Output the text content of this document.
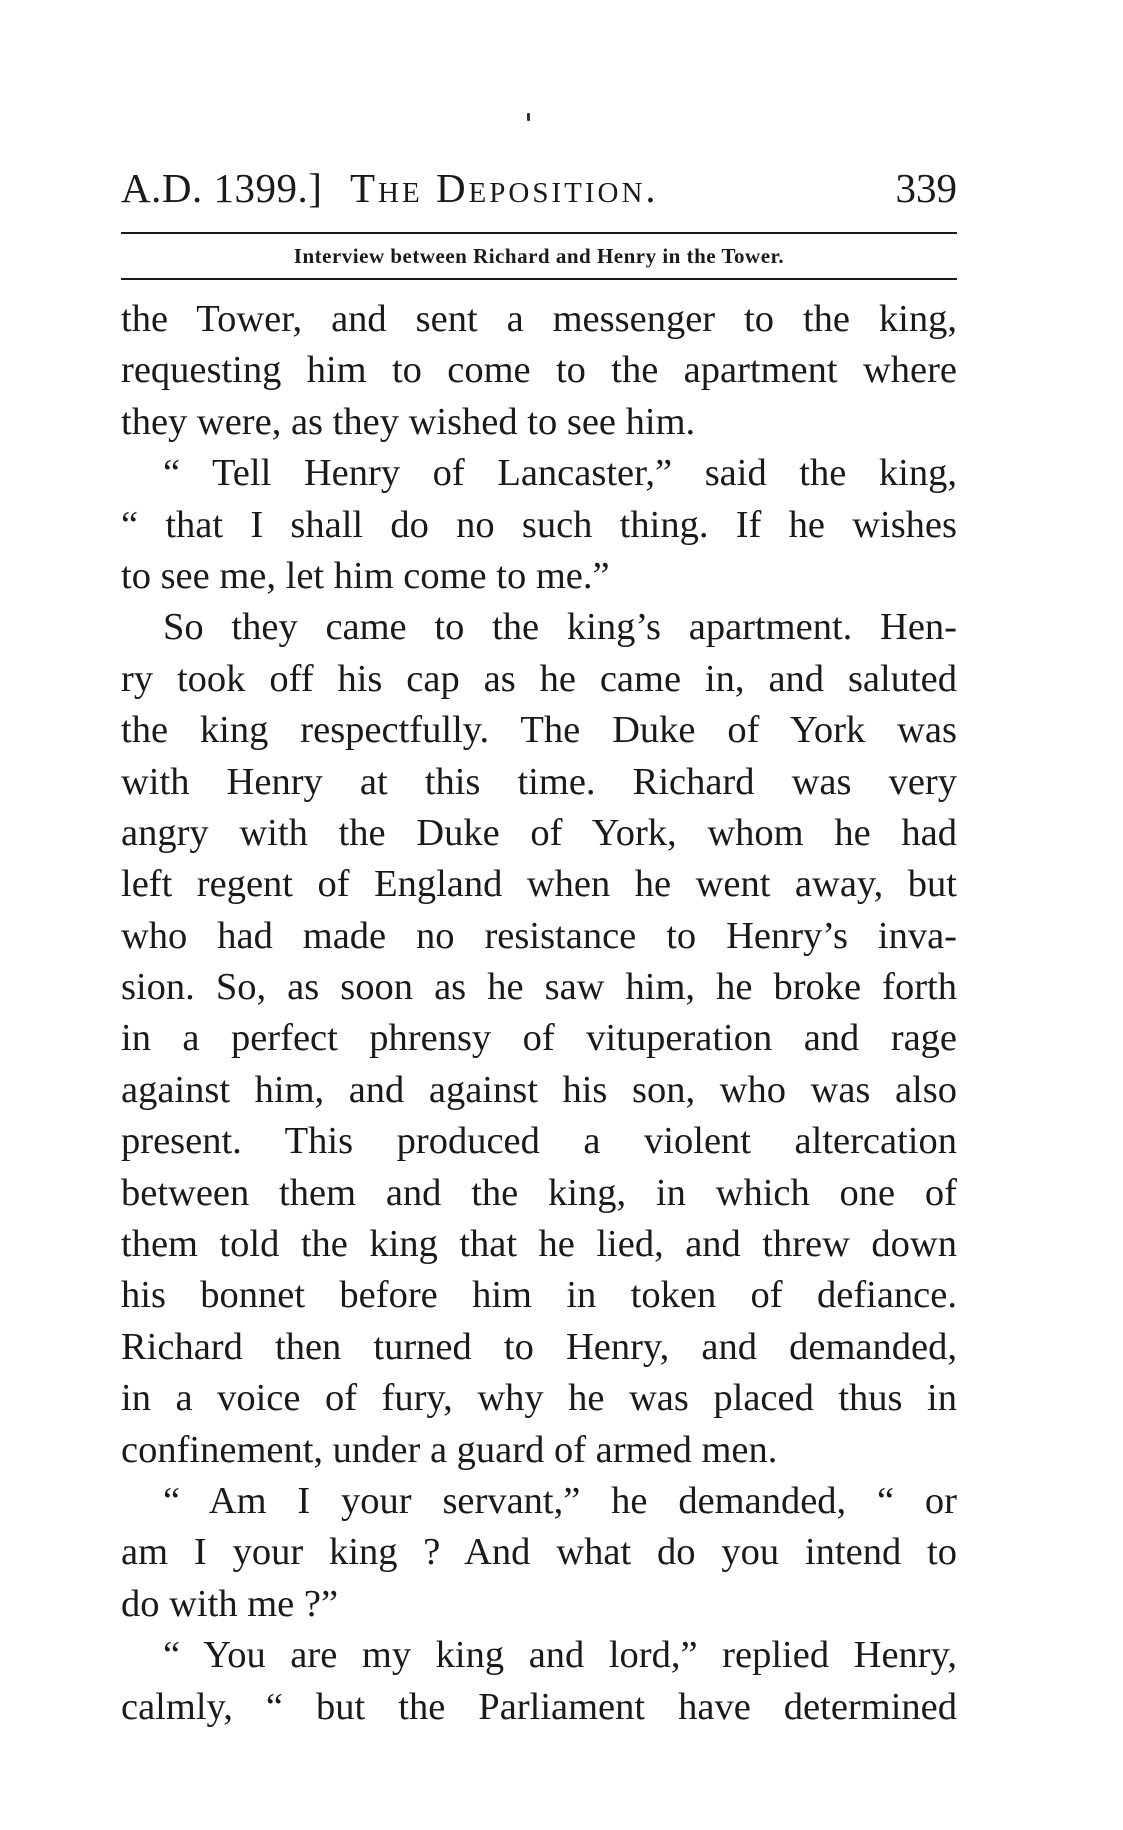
A.D. 1399.] The Deposition.	339
Interview between Richard and Henry in the Tower.
the Tower, and sent a messenger to the king,
requesting him to come to the apartment where
they were, as they wished to see him.
“ Tell Henry of Lancaster,” said the king,
“ that I shall do no such thing. If he wishes
to see me, let him come to me.”
So they came to the king’s apartment. Hen-
ry took off his cap as he came in, and saluted
the king respectfully. The Duke of York was
with Henry at this time. Richard was very
angry with the Duke of York, whom he had
left regent of England when he went away, but
who had made no resistance to Henry’s inva-
sion. So, as soon as he saw him, he broke forth
in a perfect phrensy of vituperation and rage
against him, and against his son, who was also
present. This produced a violent altercation
between them and the king, in which one of
them told the king that he lied, and threw down
his bonnet before him in token of defiance.
Richard then turned to Henry, and demanded,
in a voice of fury, why he was placed thus in
confinement, under a guard of armed men.
“ Am I your servant,” he demanded, “ or
am I your king ? And what do you intend to
do with me ?”
“ You are my king and lord,” replied Henry,
calmly, “ but the Parliament have determined
